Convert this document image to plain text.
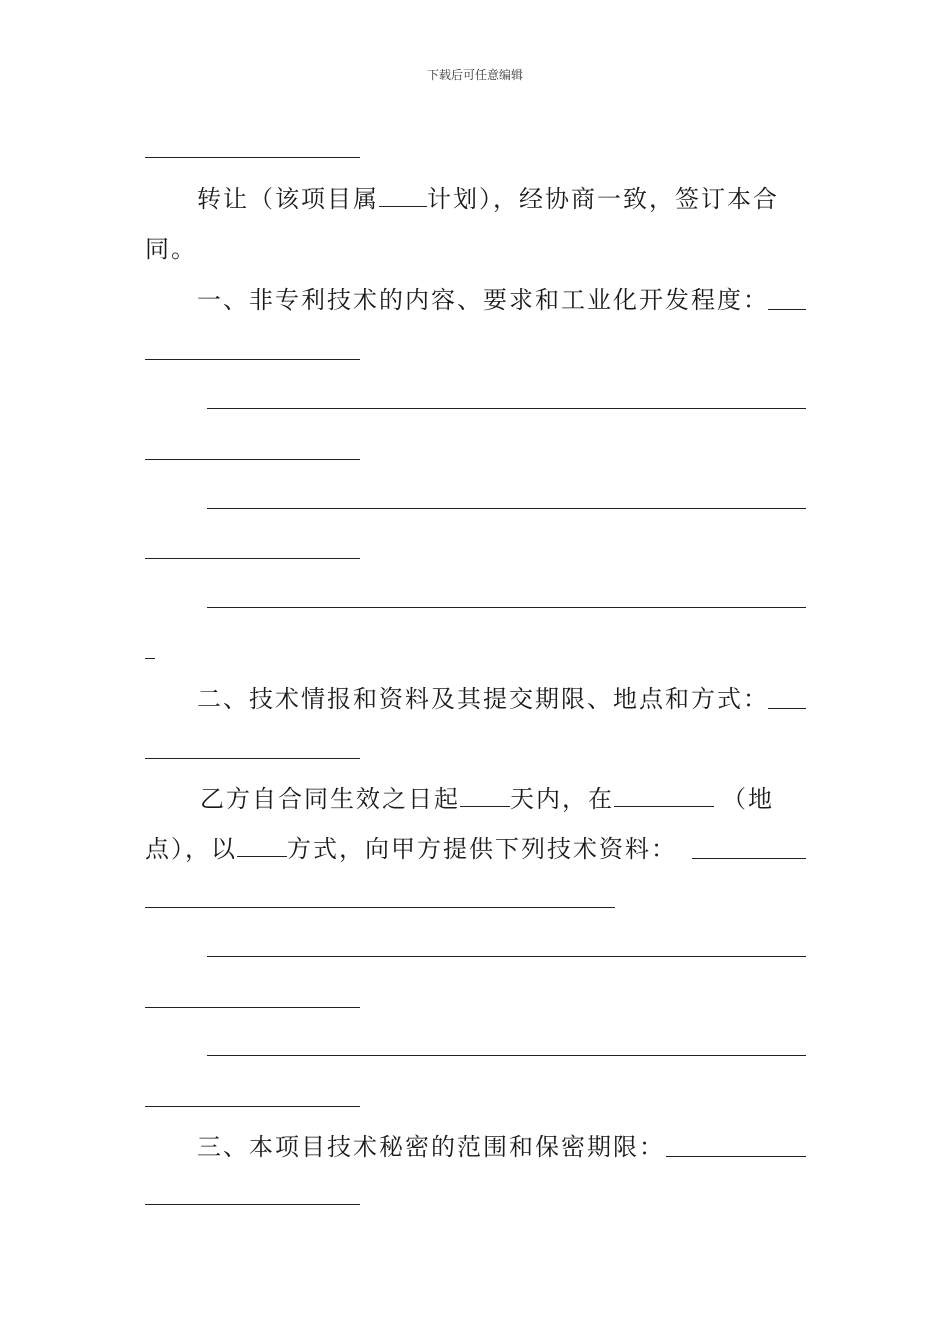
下载后可任意编辑
转让（该项目属 计划），经协商一致，签订本合
同。
一、非专利技术的内容、要求和工业化开发程度：
二、技术情报和资料及其提交期限、地点和方式：
乙方自合同生效之日起 天内，在	（地
点），以 方式，向甲方提供下列技术资料：
三、本项目技术秘密的范围和保密期限：
